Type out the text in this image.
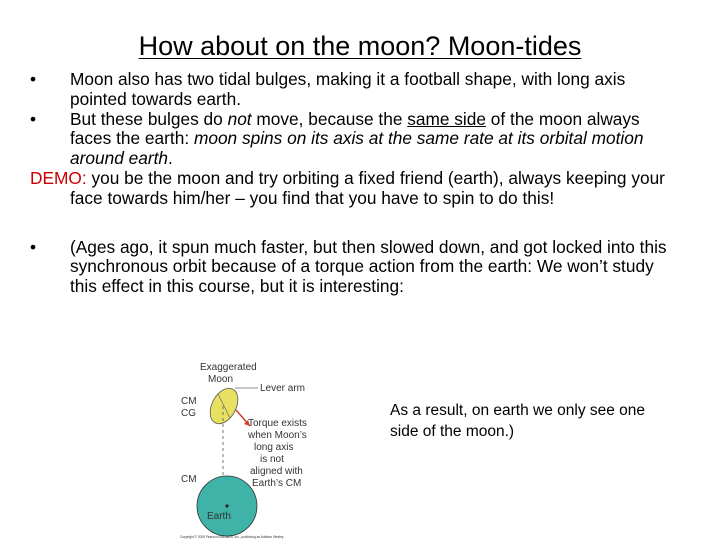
How about on the moon? Moon-tides
•	Moon also has two tidal bulges, making it a football shape, with long axis pointed towards earth.
•	But these bulges do not move, because the same side of the moon always faces the earth: moon spins on its axis at the same rate at its orbital motion around earth.
DEMO: you be the moon and try orbiting a fixed friend (earth), always keeping your face towards him/her – you find that you have to spin to do this!
•	(Ages ago, it spun much faster, but then slowed down, and got locked into this synchronous orbit because of a torque action from the earth: We won’t study this effect in this course, but it is interesting:
Exaggerated
Moon
Lever arm
CM
CG
Torque exists
when Moon’s
long axis
is not
aligned with
Earth’s CM
CM
Earth
Copyright © 2008 Pearson Education, Inc., publishing as Addison Wesley.
As a result, on earth we only see one side of the moon.)
